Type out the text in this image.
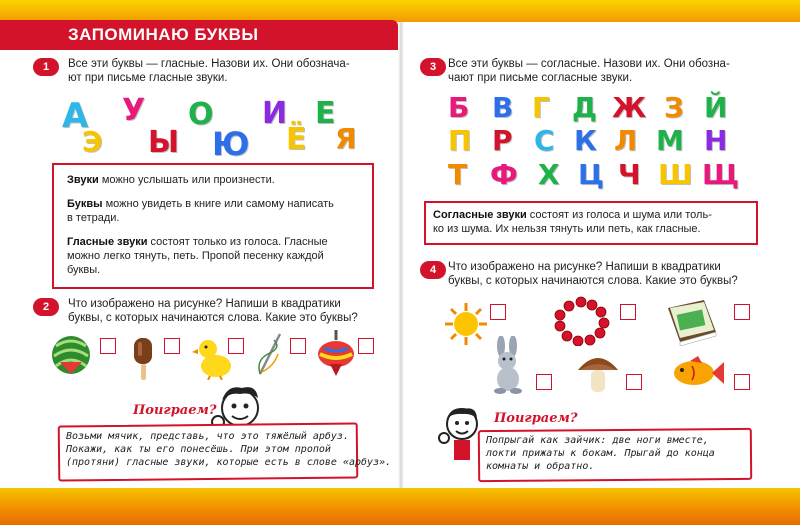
ЗАПОМИНАЮ БУКВЫ
1	Все эти буквы — гласные. Назови их. Они обознача-
ют при письме гласные звуки.
А
Э
У
Ы
О
Ю
И
Ё
Е
Я
Звуки можно услышать или произнести.
Буквы можно увидеть в книге или самому написать
в тетради.
Гласные звуки состоят только из голоса. Гласные
можно легко тянуть, петь. Пропой песенку каждой
буквы.
2	Что изображено на рисунке? Напиши в квадратики
буквы, с которых начинаются слова. Какие это буквы?
Поиграем?
Возьми мячик, представь, что это тяжёлый арбуз.
Покажи, как ты его понесёшь. При этом пропой
(протяни) гласные звуки, которые есть в слове «арбуз».
3	Все эти буквы — согласные. Назови их. Они обозна-
чают при письме согласные звуки.
Б В Г Д Ж З Й
П Р С К Л М Н
Т Ф Х Ц Ч Ш Щ
Согласные звуки состоят из голоса и шума или толь-
ко из шума. Их нельзя тянуть или петь, как гласные.
4	Что изображено на рисунке? Напиши в квадратики
буквы, с которых начинаются слова. Какие это буквы?
Поиграем?
Попрыгай как зайчик: две ноги вместе,
локти прижаты к бокам. Прыгай до конца
комнаты и обратно.
